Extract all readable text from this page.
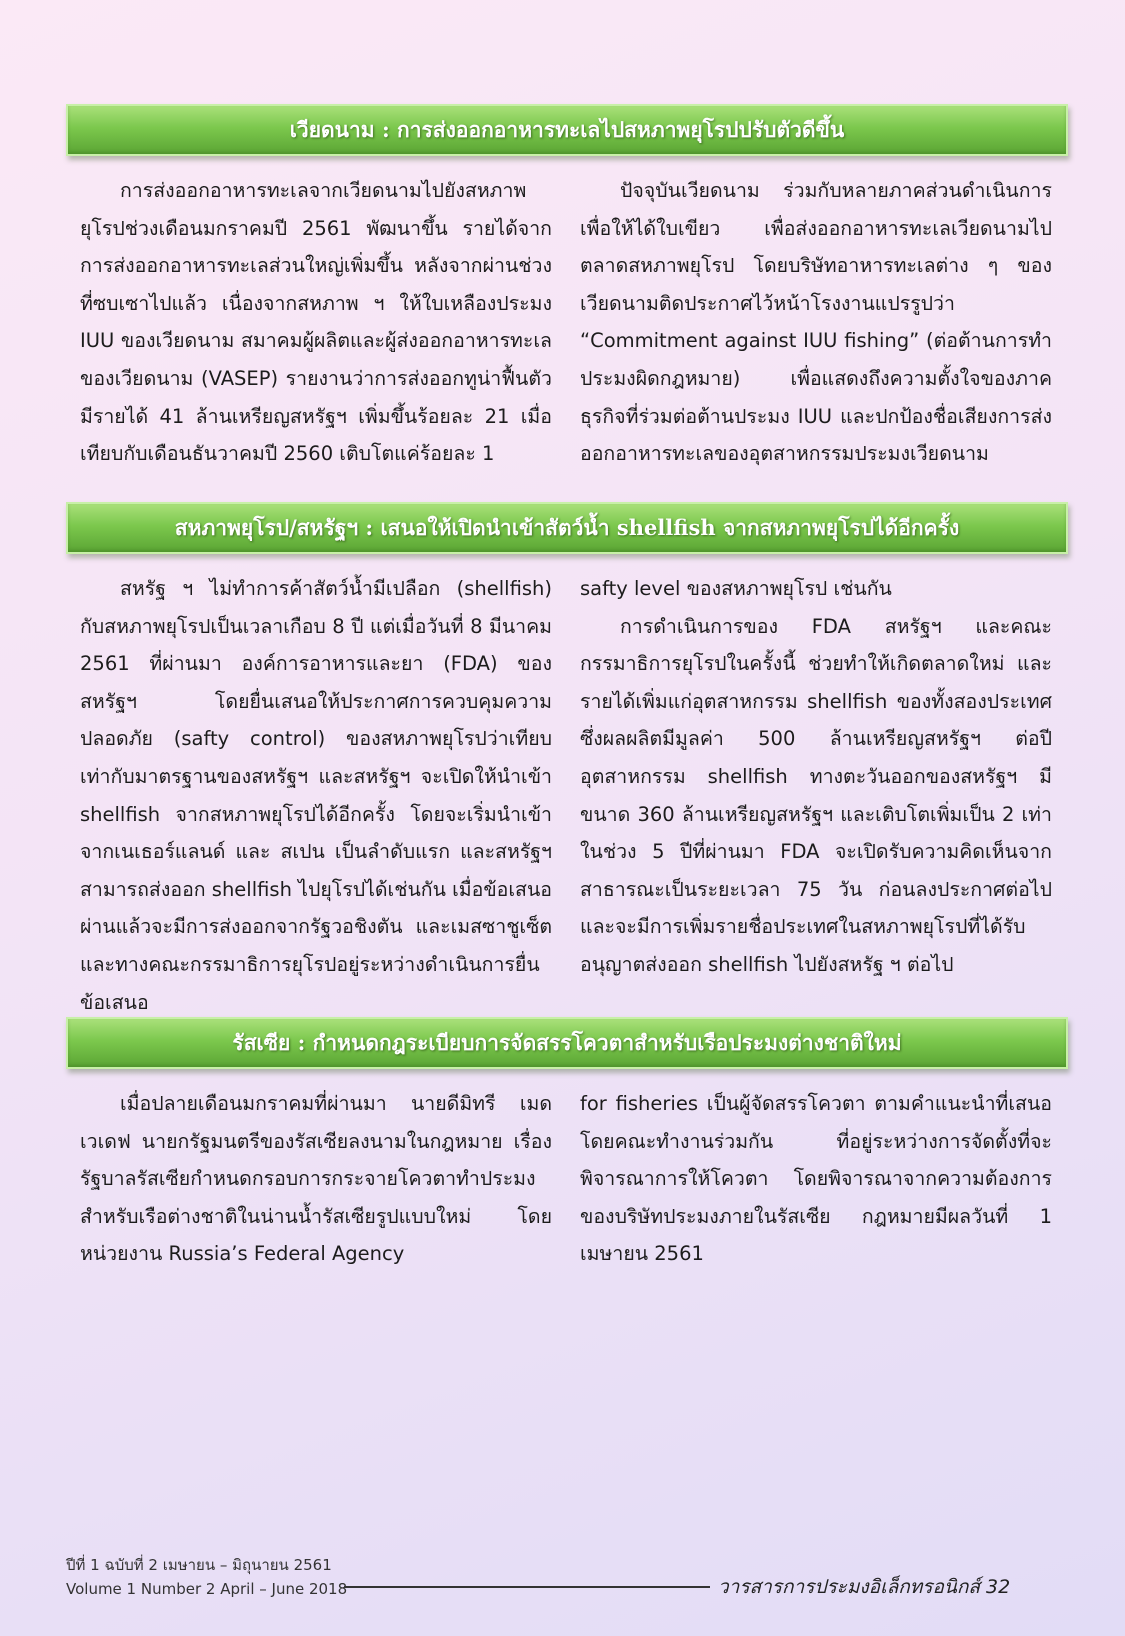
เวียดนาม : การส่งออกอาหารทะเลไปสหภาพยุโรปปรับตัวดีขึ้น

การส่งออกอาหารทะเลจากเวียดนามไปยังสหภาพยุโรปช่วงเดือนมกราคมปี 2561 พัฒนาขึ้น รายได้จากการส่งออกอาหารทะเลส่วนใหญ่เพิ่มขึ้น หลังจากผ่านช่วงที่ซบเซาไปแล้ว เนื่องจากสหภาพ ฯ ให้ใบเหลืองประมง IUU ของเวียดนาม สมาคมผู้ผลิตและผู้ส่งออกอาหารทะเลของเวียดนาม (VASEP) รายงานว่าการส่งออกทูน่าฟื้นตัวมีรายได้ 41 ล้านเหรียญสหรัฐฯ เพิ่มขึ้นร้อยละ 21 เมื่อเทียบกับเดือนธันวาคมปี 2560 เติบโตแค่ร้อยละ 1

ปัจจุบันเวียดนาม ร่วมกับหลายภาคส่วนดำเนินการเพื่อให้ได้ใบเขียว เพื่อส่งออกอาหารทะเลเวียดนามไปตลาดสหภาพยุโรป โดยบริษัทอาหารทะเลต่าง ๆ ของเวียดนามติดประกาศไว้หน้าโรงงานแปรรูปว่า “Commitment against IUU fishing” (ต่อต้านการทำประมงผิดกฎหมาย) เพื่อแสดงถึงความตั้งใจของภาคธุรกิจที่ร่วมต่อต้านประมง IUU และปกป้องชื่อเสียงการส่งออกอาหารทะเลของอุตสาหกรรมประมงเวียดนาม

สหภาพยุโรป/สหรัฐฯ : เสนอให้เปิดนำเข้าสัตว์น้ำ shellfish จากสหภาพยุโรปได้อีกครั้ง

สหรัฐ ฯ ไม่ทำการค้าสัตว์น้ำมีเปลือก (shellfish) กับสหภาพยุโรปเป็นเวลาเกือบ 8 ปี แต่เมื่อวันที่ 8 มีนาคม 2561 ที่ผ่านมา องค์การอาหารและยา (FDA) ของสหรัฐฯ โดยยื่นเสนอให้ประกาศการควบคุมความปลอดภัย (safty control) ของสหภาพยุโรปว่าเทียบเท่ากับมาตรฐานของสหรัฐฯ และสหรัฐฯ จะเปิดให้นำเข้า shellfish จากสหภาพยุโรปได้อีกครั้ง โดยจะเริ่มนำเข้าจากเนเธอร์แลนด์ และ สเปน เป็นลำดับแรก และสหรัฐฯ สามารถส่งออก shellfish ไปยุโรปได้เช่นกัน เมื่อข้อเสนอผ่านแล้วจะมีการส่งออกจากรัฐวอชิงตัน และเมสซาชูเซ็ต และทางคณะกรรมาธิการยุโรปอยู่ระหว่างดำเนินการยื่นข้อเสนอ

safty level ของสหภาพยุโรป เช่นกัน

การดำเนินการของ FDA สหรัฐฯ และคณะกรรมาธิการยุโรปในครั้งนี้ ช่วยทำให้เกิดตลาดใหม่ และรายได้เพิ่มแก่อุตสาหกรรม shellfish ของทั้งสองประเทศ ซึ่งผลผลิตมีมูลค่า 500 ล้านเหรียญสหรัฐฯ ต่อปี อุตสาหกรรม shellfish ทางตะวันออกของสหรัฐฯ มีขนาด 360 ล้านเหรียญสหรัฐฯ และเติบโตเพิ่มเป็น 2 เท่าในช่วง 5 ปีที่ผ่านมา FDA จะเปิดรับความคิดเห็นจากสาธารณะเป็นระยะเวลา 75 วัน ก่อนลงประกาศต่อไป และจะมีการเพิ่มรายชื่อประเทศในสหภาพยุโรปที่ได้รับอนุญาตส่งออก shellfish ไปยังสหรัฐ ฯ ต่อไป

รัสเซีย : กำหนดกฎระเบียบการจัดสรรโควตาสำหรับเรือประมงต่างชาติใหม่

เมื่อปลายเดือนมกราคมที่ผ่านมา นายดีมิทรี เมดเวเดฟ นายกรัฐมนตรีของรัสเซียลงนามในกฎหมาย เรื่อง รัฐบาลรัสเซียกำหนดกรอบการกระจายโควตาทำประมงสำหรับเรือต่างชาติในน่านน้ำรัสเซียรูปแบบใหม่ โดยหน่วยงาน Russia’s Federal Agency

for fisheries เป็นผู้จัดสรรโควตา ตามคำแนะนำที่เสนอโดยคณะทำงานร่วมกัน ที่อยู่ระหว่างการจัดตั้งที่จะพิจารณาการให้โควตา โดยพิจารณาจากความต้องการของบริษัทประมงภายในรัสเซีย กฎหมายมีผลวันที่ 1 เมษายน 2561

ปีที่ 1 ฉบับที่ 2 เมษายน – มิถุนายน 2561
Volume 1 Number 2 April – June 2018	วารสารการประมงอิเล็กทรอนิกส์ 32
